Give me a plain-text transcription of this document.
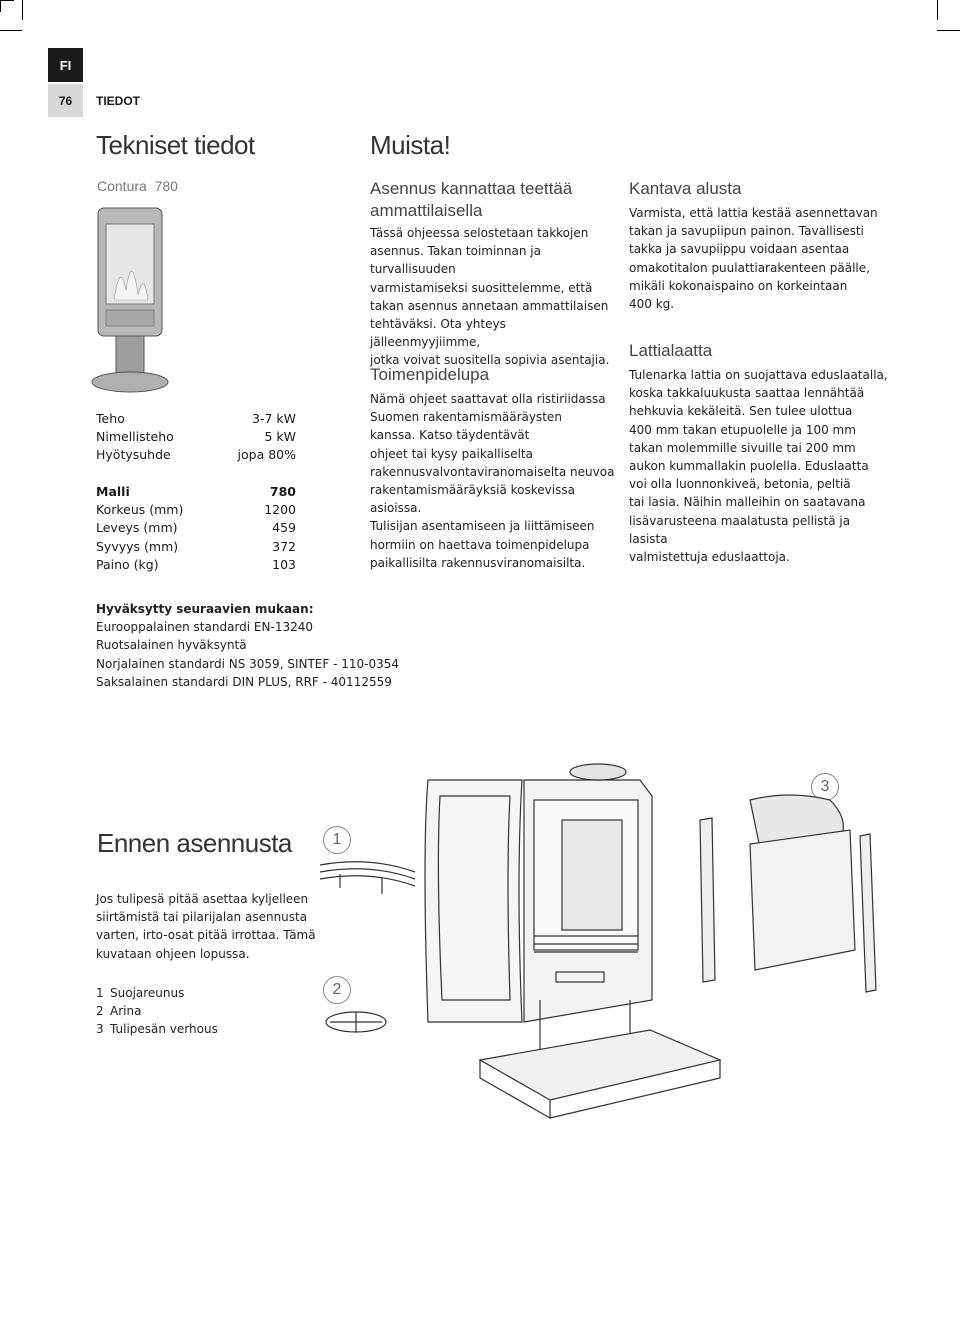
FI
76	TIEDOT
Tekniset tiedot
Contura  780
Teho	3-7 kW
Nimellisteho	5 kW
Hyötysuhde	jopa 80%
Malli	780
Korkeus (mm)	1200
Leveys (mm)	459
Syvyys (mm)	372
Paino (kg)	103
Muista!
Asennus kannattaa teettää ammattilaisella
Tässä ohjeessa selostetaan takkojen
asennus. Takan toiminnan ja turvallisuuden
varmistamiseksi suosittelemme, että
takan asennus annetaan ammattilaisen
tehtäväksi. Ota yhteys jälleenmyyjiimme,
jotka voivat suositella sopivia asentajia.
Toimenpidelupa
Nämä ohjeet saattavat olla ristiriidassa
Suomen rakentamismääräysten
kanssa. Katso täydentävät
ohjeet tai kysy paikalliselta
rakennusvalvontaviranomaiselta neuvoa
rakentamismääräyksiä koskevissa asioissa.
Tulisijan asentamiseen ja liittämiseen
hormiin on haettava toimenpidelupa
paikallisilta rakennusviranomaisilta.
Kantava alusta
Varmista, että lattia kestää asennettavan
takan ja savupiipun painon. Tavallisesti
takka ja savupiippu voidaan asentaa
omakotitalon puulattiarakenteen päälle,
mikäli kokonaispaino on korkeintaan
400 kg.
Lattialaatta
Tulenarka lattia on suojattava eduslaatalla,
koska takkaluukusta saattaa lennähtää
hehkuvia kekäleitä. Sen tulee ulottua
400 mm takan etupuolelle ja 100 mm
takan molemmille sivuille tai 200 mm
aukon kummallakin puolella. Eduslaatta
voi olla luonnonkiveä, betonia, peltiä
tai lasia. Näihin malleihin on saatavana
lisävarusteena maalatusta pellistä ja lasista
valmistettuja eduslaattoja.
Hyväksytty seuraavien mukaan:
Eurooppalainen standardi EN-13240
Ruotsalainen hyväksyntä
Norjalainen standardi NS 3059, SINTEF - 110-0354
Saksalainen standardi DIN PLUS, RRF - 40112559
Ennen asennusta
Jos tulipesä pitää asettaa kyljelleen
siirtämistä tai pilarijalan asennusta
varten, irto-osat pitää irrottaa. Tämä
kuvataan ohjeen lopussa.
1 Suojareunus
2 Arina
3 Tulipesän verhous
1
2
3
